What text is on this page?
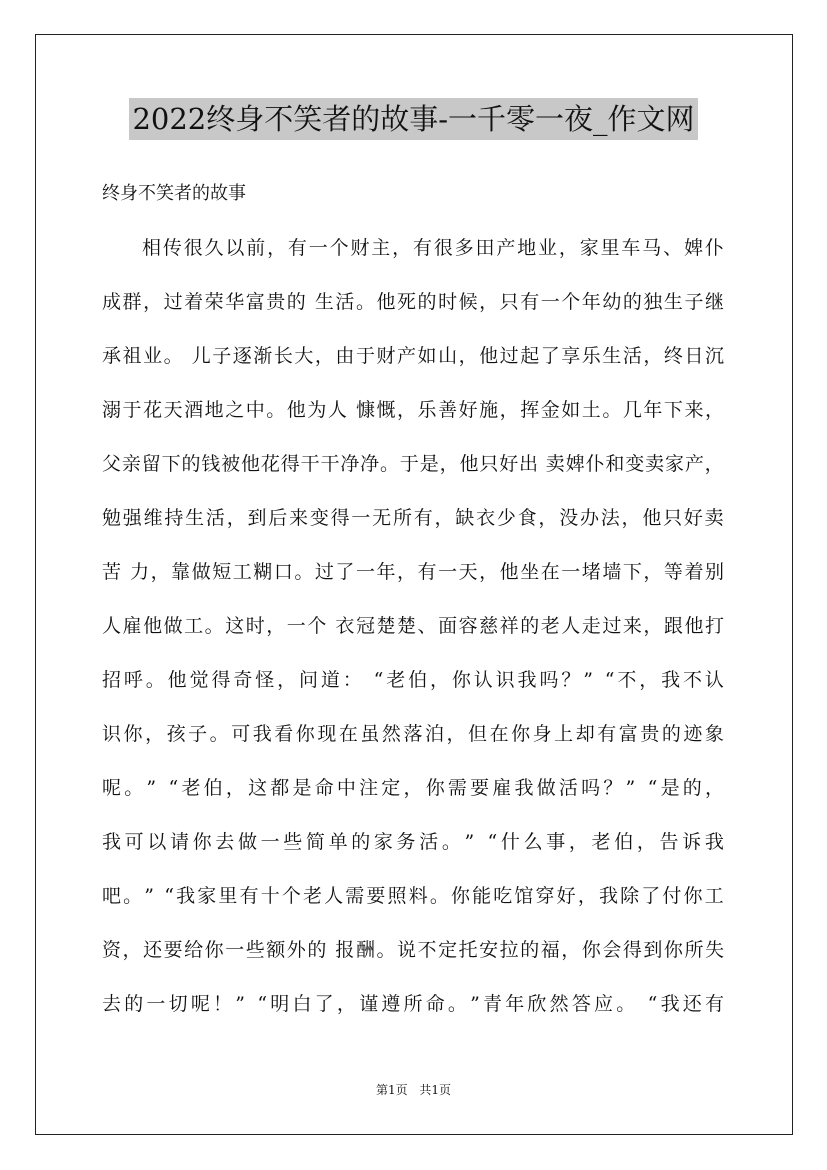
2022终身不笑者的故事-一千零一夜_作文网
终身不笑者的故事
相 传 很 久 以 前 ， 有 一 个 财 主 ， 有 很 多 田 产 地 业 ， 家 里 车 马 、 婢 仆
成 群 ， 过 着 荣 华 富 贵 的
生 活 。 他 死 的 时 候 ， 只 有 一 个 年 幼 的 独 生 子 继
承 祖 业 。
儿 子 逐 渐 长 大 ， 由 于 财 产 如 山 ， 他 过 起 了 享 乐 生 活 ， 终 日 沉
溺 于 花 天 酒 地 之 中 。 他 为 人
慷 慨 ， 乐 善 好 施 ， 挥 金 如 土 。 几 年 下 来 ，
父 亲 留 下 的 钱 被 他 花 得 干 干 净 净 。 于 是 ， 他 只 好 出
卖 婢 仆 和 变 卖 家 产 ，
勉 强 维 持 生 活 ， 到 后 来 变 得 一 无 所 有 ， 缺 衣 少 食 ， 没 办 法 ， 他 只 好 卖
苦
力 ， 靠 做 短 工 糊 口 。 过 了 一 年 ， 有 一 天 ， 他 坐 在 一 堵 墙 下 ， 等 着 别
人 雇 他 做 工 。 这 时 ， 一 个
衣 冠 楚 楚 、 面 容 慈 祥 的 老 人 走 过 来 ， 跟 他 打
招 呼 。 他 觉 得 奇 怪 ， 问 道 ：
“ 老 伯 ， 你 认 识 我 吗 ？ ”
“ 不 ， 我 不 认
识 你 ， 孩 子 。 可 我 看 你 现 在 虽 然 落 泊 ， 但 在 你 身 上 却 有 富 贵 的 迹 象
呢 。 ”
“ 老 伯 ， 这 都 是 命 中 注 定 ， 你 需 要 雇 我 做 活 吗 ？ ”
“ 是 的 ，
我 可 以 请 你 去 做 一 些 简 单 的 家 务 活 。 ”
“ 什 么 事 ， 老 伯 ， 告 诉 我
吧 。 ”
“ 我 家 里 有 十 个 老 人 需 要 照 料 。 你 能 吃 馆 穿 好 ， 我 除 了 付 你 工
资 ， 还 要 给 你 一 些 额 外 的
报 酬 。 说 不 定 托 安 拉 的 福 ， 你 会 得 到 你 所 失
去 的 一 切 呢 ！ ”
“ 明 白 了 ， 谨 遵 所 命 。 ” 青 年 欣 然 答 应 。
“ 我 还 有
第1页 共1页
